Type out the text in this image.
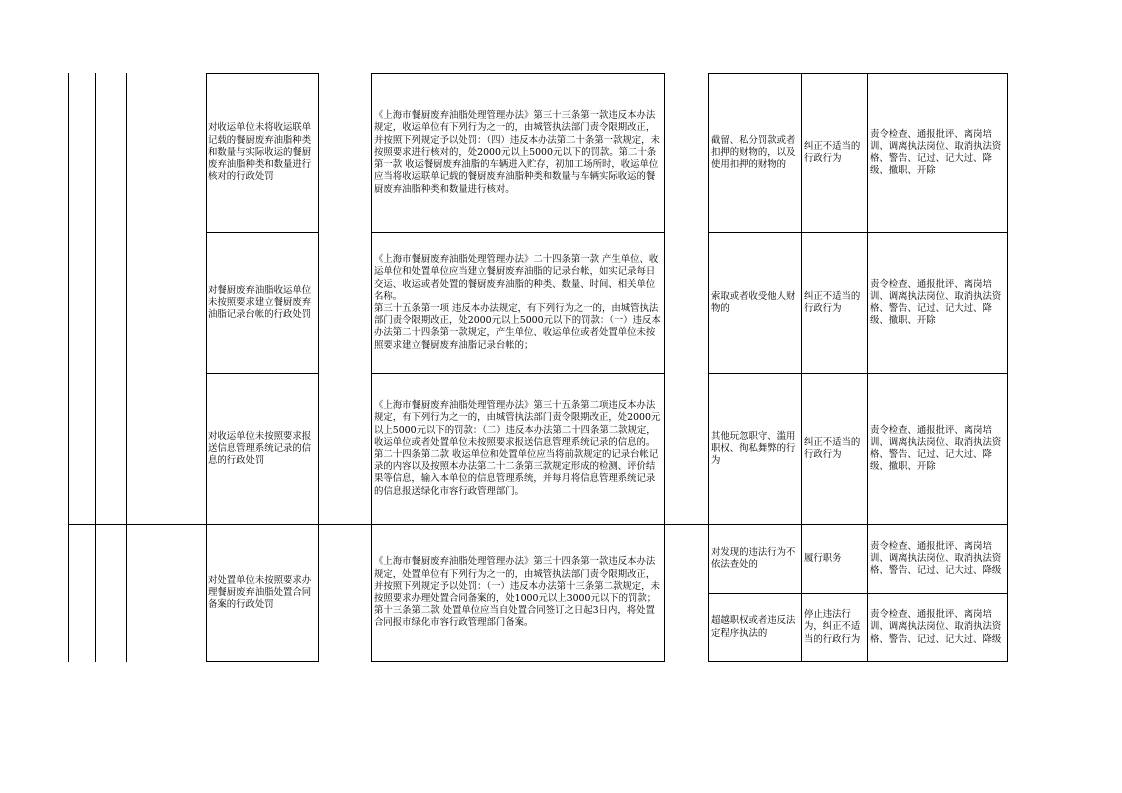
对收运单位未将收运联单记载的餐厨废弃油脂种类和数量与实际收运的餐厨废弃油脂种类和数量进行核对的行政处罚
《上海市餐厨废弃油脂处理管理办法》第三十三条第一款违反本办法规定，收运单位有下列行为之一的，由城管执法部门责令限期改正，并按照下列规定予以处罚：（四）违反本办法第二十条第一款规定，未按照要求进行核对的，处2000元以上5000元以下的罚款。第二十条第一款 收运餐厨废弃油脂的车辆进入贮存，初加工场所时，收运单位应当将收运联单记载的餐厨废弃油脂种类和数量与车辆实际收运的餐厨废弃油脂种类和数量进行核对。
截留、私分罚款或者扣押的财物的，以及使用扣押的财物的
纠正不适当的行政行为
责令检查、通报批评、离岗培训、调离执法岗位、取消执法资格、警告、记过、记大过、降级、撤职、开除
对餐厨废弃油脂收运单位未按照要求建立餐厨废弃油脂记录台帐的行政处罚
《上海市餐厨废弃油脂处理管理办法》二十四条第一款 产生单位、收运单位和处置单位应当建立餐厨废弃油脂的记录台帐，如实记录每日交运、收运或者处置的餐厨废弃油脂的种类、数量、时间、相关单位名称。
第三十五条第一项 违反本办法规定，有下列行为之一的，由城管执法部门责令限期改正，处2000元以上5000元以下的罚款：（一）违反本办法第二十四条第一款规定，产生单位、收运单位或者处置单位未按照要求建立餐厨废弃油脂记录台帐的；
索取或者收受他人财物的
纠正不适当的行政行为
责令检查、通报批评、离岗培训、调离执法岗位、取消执法资格、警告、记过、记大过、降级、撤职、开除
对收运单位未按照要求报送信息管理系统记录的信息的行政处罚
《上海市餐厨废弃油脂处理管理办法》第三十五条第二项违反本办法规定，有下列行为之一的，由城管执法部门责令限期改正，处2000元以上5000元以下的罚款：（二）违反本办法第二十四条第二款规定，收运单位或者处置单位未按照要求报送信息管理系统记录的信息的。第二十四条第二款 收运单位和处置单位应当将前款规定的记录台帐记录的内容以及按照本办法第二十二条第三款规定形成的检测、评价结果等信息，输入本单位的信息管理系统，并每月将信息管理系统记录的信息报送绿化市容行政管理部门。
其他玩忽职守、滥用职权、徇私舞弊的行为
纠正不适当的行政行为
责令检查、通报批评、离岗培训、调离执法岗位、取消执法资格、警告、记过、记大过、降级、撤职、开除
对处置单位未按照要求办理餐厨废弃油脂处置合同备案的行政处罚
《上海市餐厨废弃油脂处理管理办法》第三十四条第一款违反本办法规定，处置单位有下列行为之一的，由城管执法部门责令限期改正，并按照下列规定予以处罚：（一）违反本办法第十三条第二款规定，未按照要求办理处置合同备案的，处1000元以上3000元以下的罚款；第十三条第二款 处置单位应当自处置合同签订之日起3日内，将处置合同报市绿化市容行政管理部门备案。
对发现的违法行为不依法查处的
履行职务
责令检查、通报批评、离岗培训、调离执法岗位、取消执法资格、警告、记过、记大过、降级
超越职权或者违反法定程序执法的
停止违法行为，纠正不适当的行政行为
责令检查、通报批评、离岗培训、调离执法岗位、取消执法资格、警告、记过、记大过、降级
